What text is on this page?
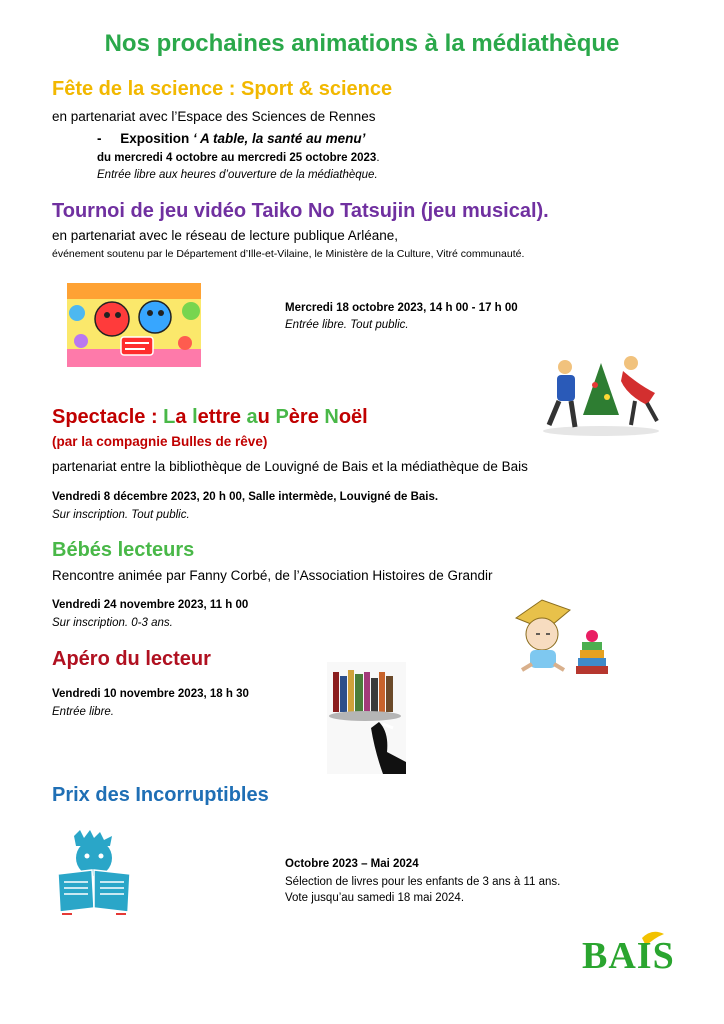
Nos prochaines animations à la médiathèque
Fête de la science : Sport & science
en partenariat avec l’Espace des Sciences de Rennes
- Exposition ‘ A table, la santé au menu’
du mercredi 4 octobre au mercredi 25 octobre 2023.
Entrée libre aux heures d’ouverture de la médiathèque.
Tournoi de jeu vidéo Taiko No Tatsujin (jeu musical).
en partenariat avec le réseau de lecture publique Arléane,
événement soutenu par le Département d’Ille-et-Vilaine, le Ministère de la Culture, Vitré communauté.
Mercredi 18 octobre 2023, 14 h 00 - 17 h 00
Entrée libre. Tout public.
Spectacle : La lettre au Père Noël
(par la compagnie Bulles de rêve)
partenariat entre la bibliothèque de Louvigné de Bais et la médiathèque de Bais
Vendredi 8 décembre 2023, 20 h 00, Salle intermède, Louvigné de Bais.
Sur inscription. Tout public.
Bébés lecteurs
Rencontre animée par Fanny Corbé, de l’Association Histoires de Grandir
Vendredi 24 novembre 2023, 11 h 00
Sur inscription. 0-3 ans.
Apéro du lecteur
Vendredi 10 novembre 2023, 18 h 30
Entrée libre.
Prix des Incorruptibles
Octobre 2023 – Mai 2024
Sélection de livres pour les enfants de 3 ans à 11 ans.
Vote jusqu’au samedi 18 mai 2024.
BAIS
